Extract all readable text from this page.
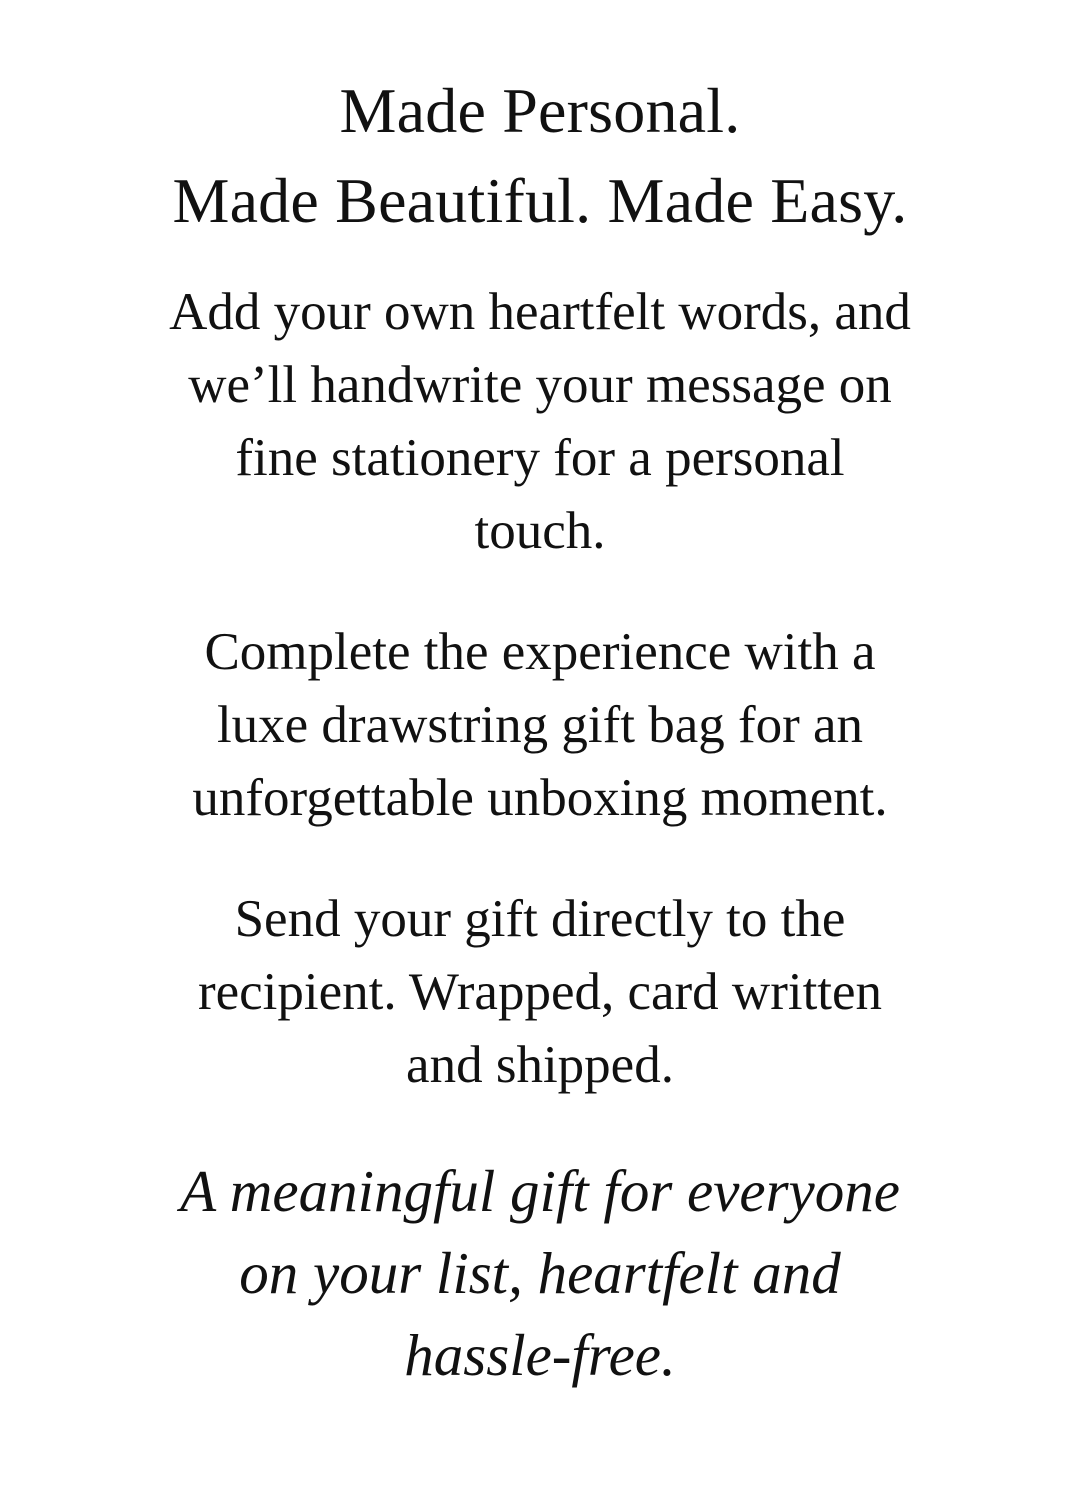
Made Personal.
Made Beautiful. Made Easy.

Add your own heartfelt words, and
we’ll handwrite your message on
fine stationery for a personal
touch.

Complete the experience with a
luxe drawstring gift bag for an
unforgettable unboxing moment.

Send your gift directly to the
recipient. Wrapped, card written
and shipped.

A meaningful gift for everyone
on your list, heartfelt and
hassle-free.
